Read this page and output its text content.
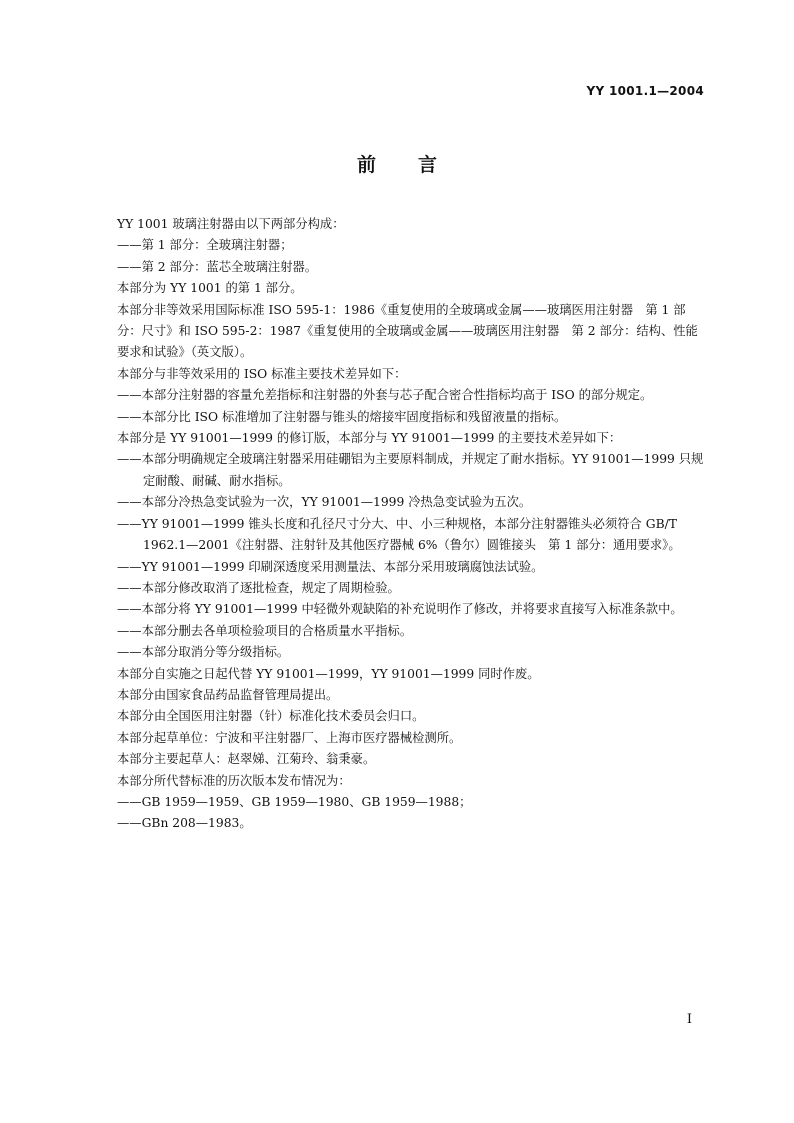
YY 1001.1—2004
前 言
YY 1001 玻璃注射器由以下两部分构成：
——第 1 部分：全玻璃注射器；
——第 2 部分：蓝芯全玻璃注射器。
本部分为 YY 1001 的第 1 部分。
本部分非等效采用国际标准 ISO 595-1：1986《重复使用的全玻璃或金属——玻璃医用注射器　第 1 部分：尺寸》和 ISO 595-2：1987《重复使用的全玻璃或金属——玻璃医用注射器　第 2 部分：结构、性能要求和试验》（英文版）。
本部分与非等效采用的 ISO 标准主要技术差异如下：
——本部分注射器的容量允差指标和注射器的外套与芯子配合密合性指标均高于 ISO 的部分规定。
——本部分比 ISO 标准增加了注射器与锥头的熔接牢固度指标和残留液量的指标。
本部分是 YY 91001—1999 的修订版，本部分与 YY 91001—1999 的主要技术差异如下：
——本部分明确规定全玻璃注射器采用硅硼铝为主要原料制成，并规定了耐水指标。YY 91001—1999 只规定耐酸、耐碱、耐水指标。
——本部分冷热急变试验为一次，YY 91001—1999 冷热急变试验为五次。
——YY 91001—1999 锥头长度和孔径尺寸分大、中、小三种规格，本部分注射器锥头必须符合 GB/T 1962.1—2001《注射器、注射针及其他医疗器械 6%（鲁尔）圆锥接头　第 1 部分：通用要求》。
——YY 91001—1999 印刷深透度采用测量法、本部分采用玻璃腐蚀法试验。
——本部分修改取消了逐批检查，规定了周期检验。
——本部分将 YY 91001—1999 中轻微外观缺陷的补充说明作了修改，并将要求直接写入标准条款中。
——本部分删去各单项检验项目的合格质量水平指标。
——本部分取消分等分级指标。
本部分自实施之日起代替 YY 91001—1999，YY 91001—1999 同时作废。
本部分由国家食品药品监督管理局提出。
本部分由全国医用注射器（针）标准化技术委员会归口。
本部分起草单位：宁波和平注射器厂、上海市医疗器械检测所。
本部分主要起草人：赵翠娣、江菊玲、翁秉豪。
本部分所代替标准的历次版本发布情况为：
——GB 1959—1959、GB 1959—1980、GB 1959—1988；
——GBn 208—1983。
I
